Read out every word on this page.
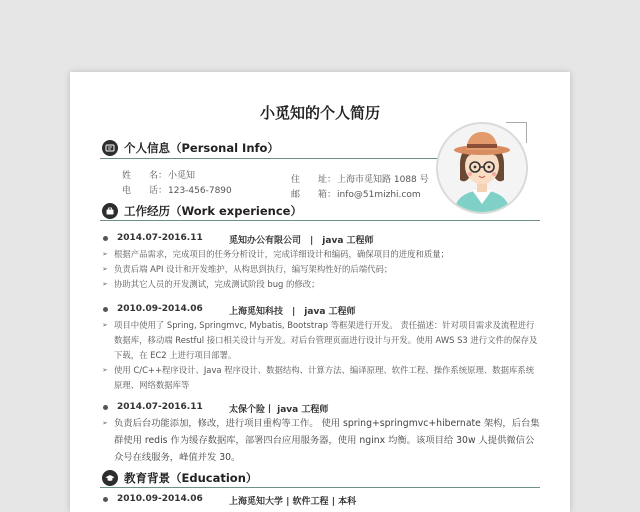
小觅知的个人简历
个人信息（Personal Info）
姓　　名：小觅知
电　　话：123-456-7890
住　　址：上海市觅知路 1088 号
邮　　箱：info@51mizhi.com
工作经历（Work experience）
2014.07-2016.11	觅知办公有限公司　|　java 工程师
➢ 根据产品需求，完成项目的任务分析设计，完成详细设计和编码，确保项目的进度和质量；
➢ 负责后端 API 设计和开发维护，从构思到执行，编写架构性好的后端代码；
➢ 协助其它人员的开发测试，完成测试阶段 bug 的修改；
2010.09-2014.06	上海觅知科技　|　java 工程师
➢ 项目中使用了 Spring, Springmvc, Mybatis, Bootstrap 等框架进行开发。 责任描述：针对项目需求及流程进行数据库，移动端 Restful 接口相关设计与开发。对后台管理页面进行设计与开发。使用 AWS S3 进行文件的保存及下载，在 EC2 上进行项目部署。
➢ 使用 C/C++程序设计、Java 程序设计、数据结构、计算方法、编译原理、软件工程、操作系统原理、数据库系统原理、网络数据库等
2014.07-2016.11	太保个险丨 java 工程师
➢ 负责后台功能添加，修改，进行项目重构等工作。 使用 spring+springmvc+hibernate 架构，后台集群使用 redis 作为缓存数据库，部署四台应用服务器，使用 nginx 均衡。该项目给 30w 人提供微信公众号在线服务，峰值并发 30。
教育背景（Education）
2010.09-2014.06	上海觅知大学 | 软件工程 | 本科
